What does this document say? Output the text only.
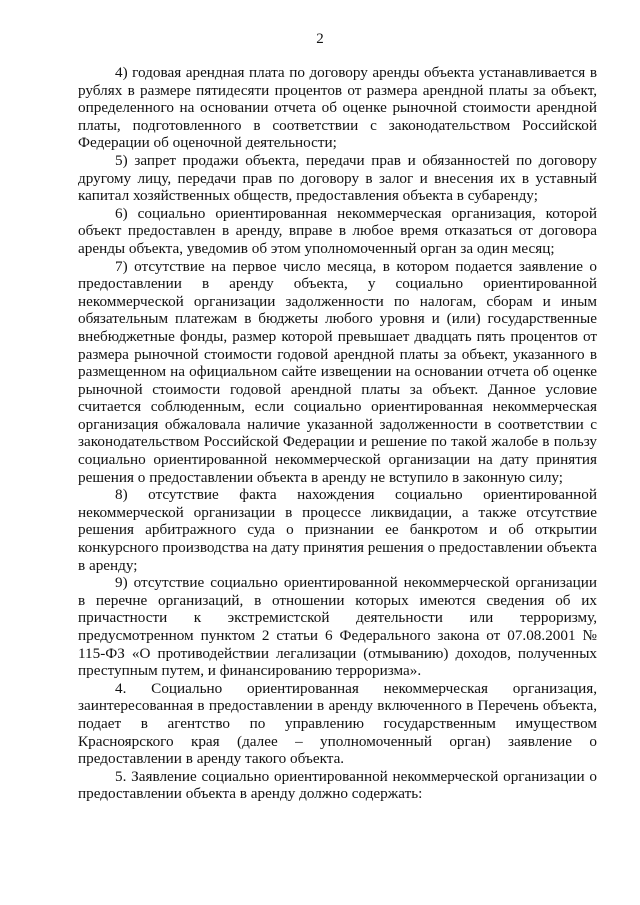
2

4) годовая арендная плата по договору аренды объекта устанавливается в рублях в размере пятидесяти процентов от размера арендной платы за объект, определенного на основании отчета об оценке рыночной стоимости арендной платы, подготовленного в соответствии с законодательством Российской Федерации об оценочной деятельности;

5) запрет продажи объекта, передачи прав и обязанностей по договору другому лицу, передачи прав по договору в залог и внесения их в уставный капитал хозяйственных обществ, предоставления объекта в субаренду;

6) социально ориентированная некоммерческая организация, которой объект предоставлен в аренду, вправе в любое время отказаться от договора аренды объекта, уведомив об этом уполномоченный орган за один месяц;

7) отсутствие на первое число месяца, в котором подается заявление о предоставлении в аренду объекта, у социально ориентированной некоммерческой организации задолженности по налогам, сборам и иным обязательным платежам в бюджеты любого уровня и (или) государственные внебюджетные фонды, размер которой превышает двадцать пять процентов от размера рыночной стоимости годовой арендной платы за объект, указанного в размещенном на официальном сайте извещении на основании отчета об оценке рыночной стоимости годовой арендной платы за объект. Данное условие считается соблюденным, если социально ориентированная некоммерческая организация обжаловала наличие указанной задолженности в соответствии с законодательством Российской Федерации и решение по такой жалобе в пользу социально ориентированной некоммерческой организации на дату принятия решения о предоставлении объекта в аренду не вступило в законную силу;

8) отсутствие факта нахождения социально ориентированной некоммерческой организации в процессе ликвидации, а также отсутствие решения арбитражного суда о признании ее банкротом и об открытии конкурсного производства на дату принятия решения о предоставлении объекта в аренду;

9) отсутствие социально ориентированной некоммерческой организации в перечне организаций, в отношении которых имеются сведения об их причастности к экстремистской деятельности или терроризму, предусмотренном пунктом 2 статьи 6 Федерального закона от 07.08.2001 № 115-ФЗ «О противодействии легализации (отмыванию) доходов, полученных преступным путем, и финансированию терроризма».

4. Социально ориентированная некоммерческая организация, заинтересованная в предоставлении в аренду включенного в Перечень объекта, подает в агентство по управлению государственным имуществом Красноярского края (далее – уполномоченный орган) заявление о предоставлении в аренду такого объекта.

5. Заявление социально ориентированной некоммерческой организации о предоставлении объекта в аренду должно содержать:
